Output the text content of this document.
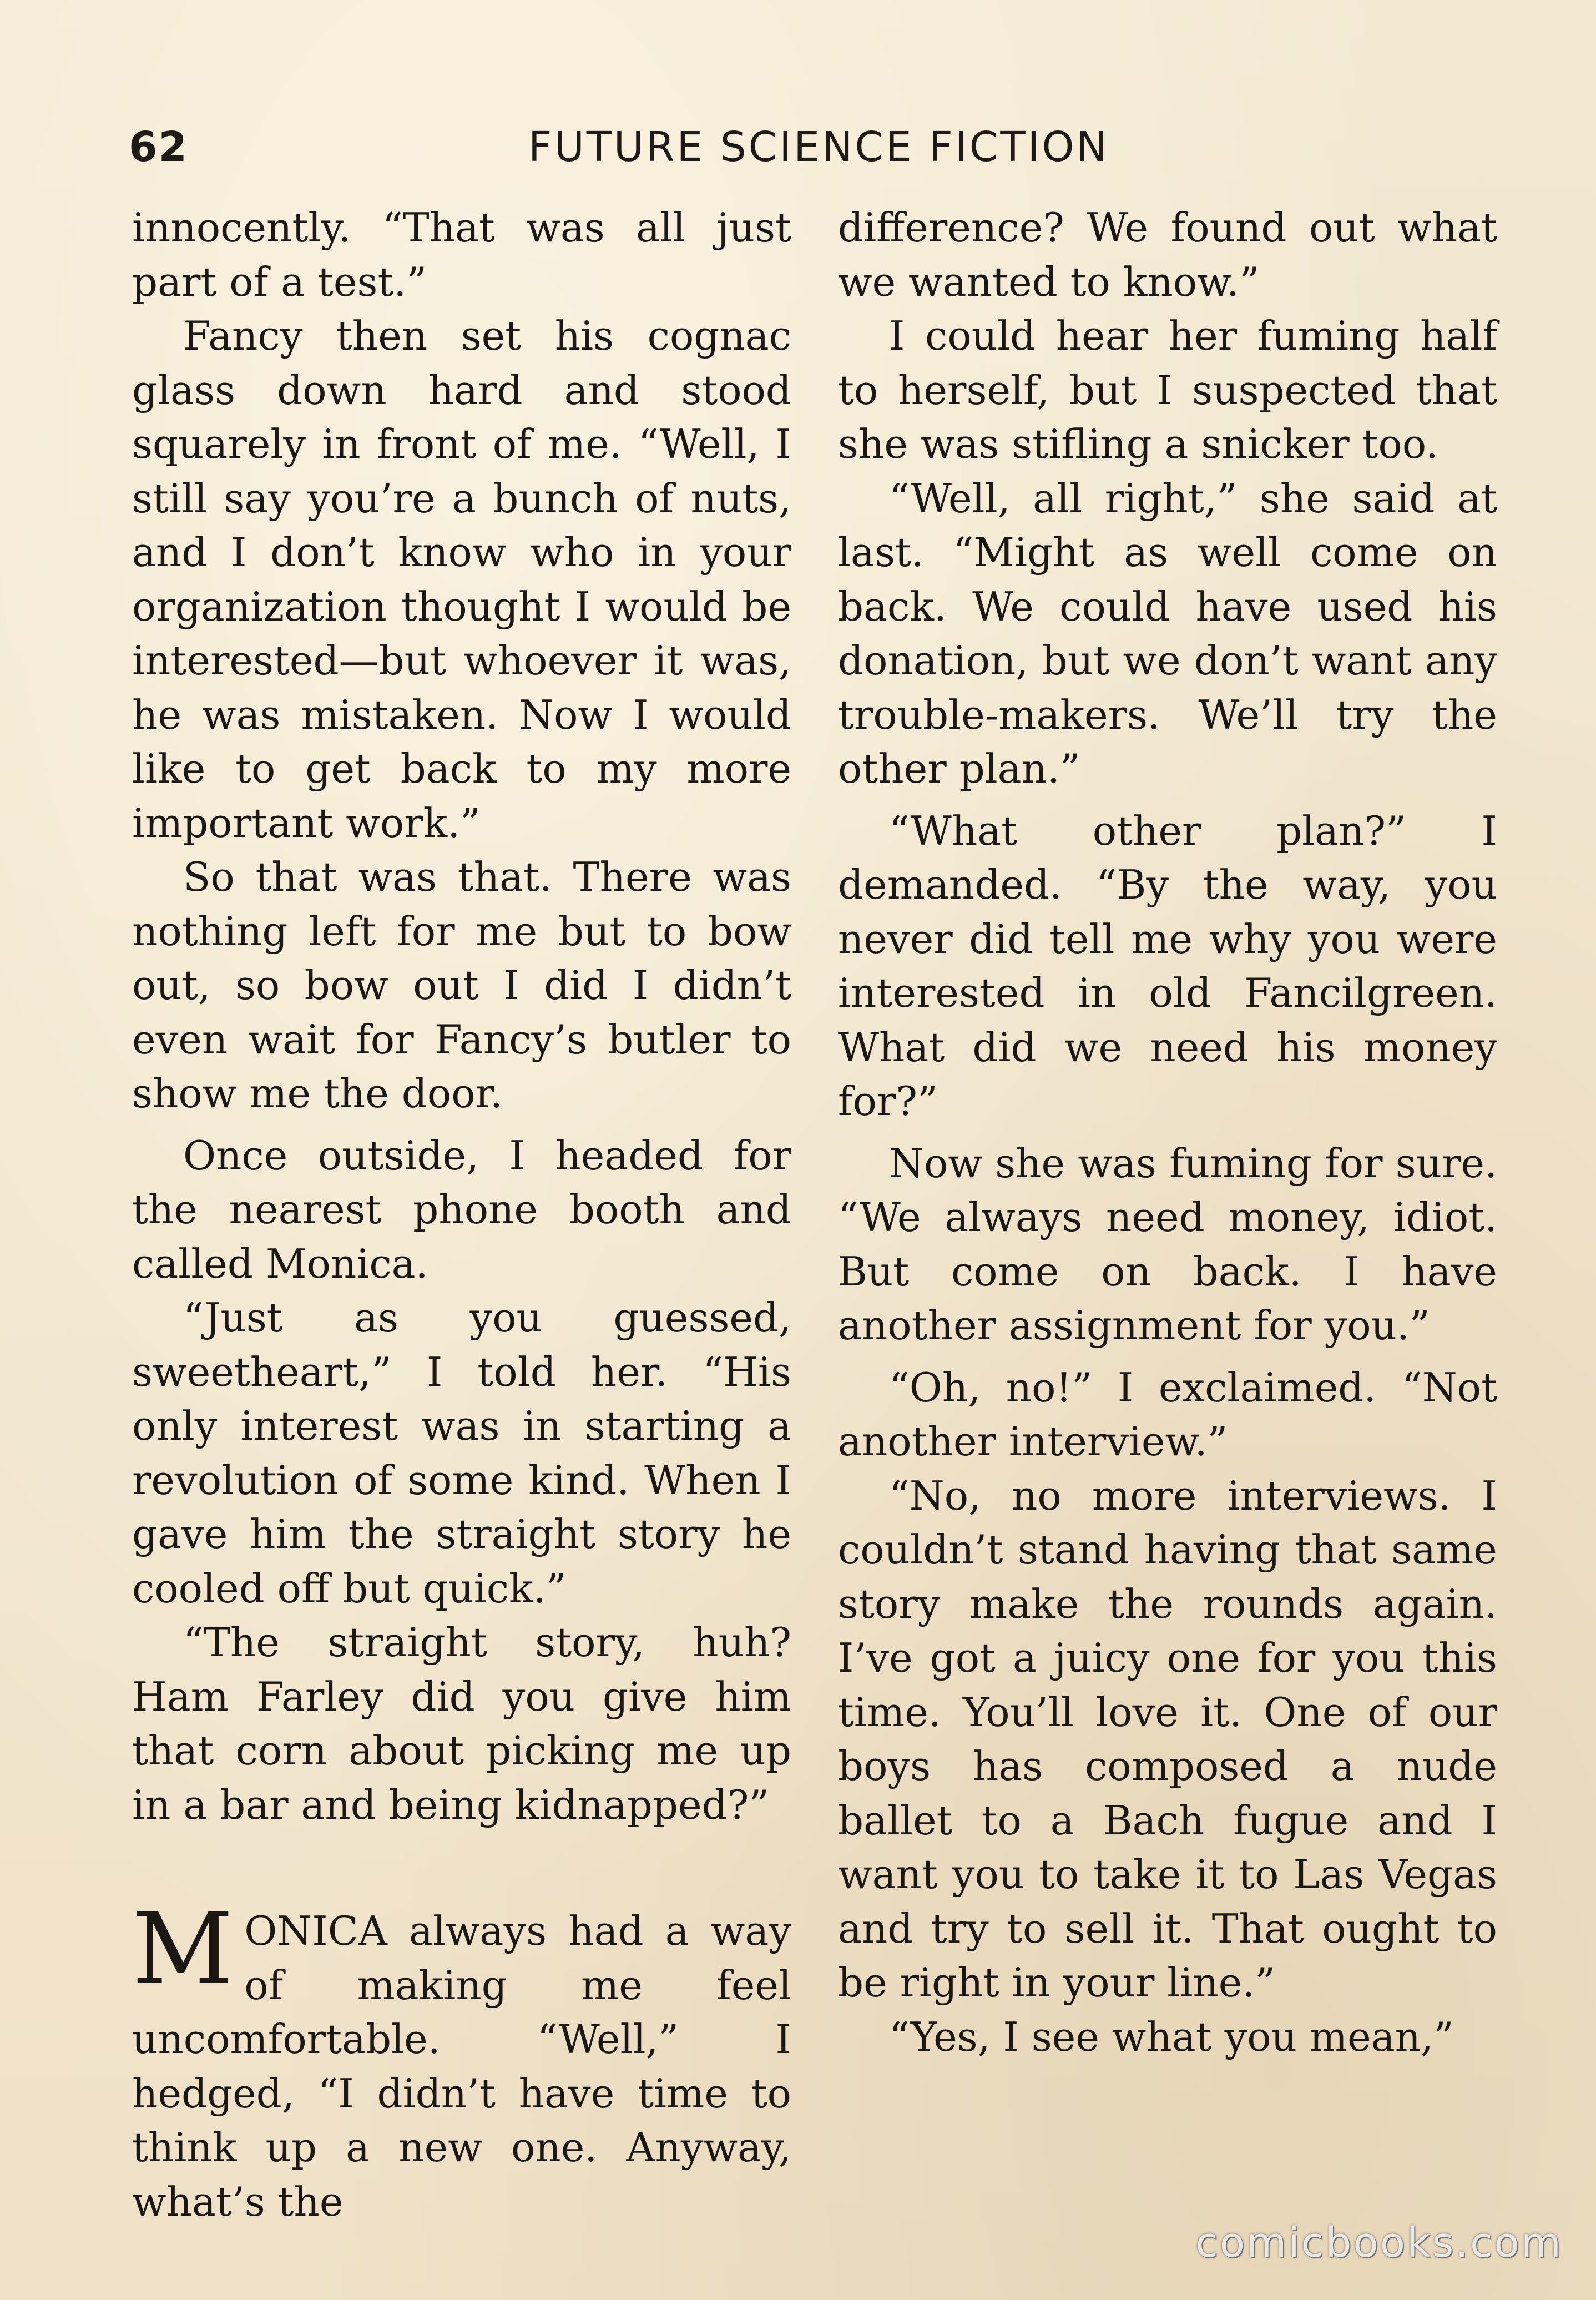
62	FUTURE SCIENCE FICTION

innocently. “That was all just part of a test.”

Fancy then set his cognac glass down hard and stood squarely in front of me. “Well, I still say you’re a bunch of nuts, and I don’t know who in your organization thought I would be interested—but whoever it was, he was mistaken. Now I would like to get back to my more important work.”

So that was that. There was nothing left for me but to bow out, so bow out I did I didn’t even wait for Fancy’s butler to show me the door.

Once outside, I headed for the nearest phone booth and called Monica.

“Just as you guessed, sweetheart,” I told her. “His only interest was in starting a revolution of some kind. When I gave him the straight story he cooled off but quick.”

“The straight story, huh? Ham Farley did you give him that corn about picking me up in a bar and being kidnapped?”

M ONICA always had a way of making me feel uncomfortable. “Well,” I hedged, “I didn’t have time to think up a new one. Anyway, what’s the

difference? We found out what we wanted to know.”

I could hear her fuming half to herself, but I suspected that she was stifling a snicker too.

“Well, all right,” she said at last. “Might as well come on back. We could have used his donation, but we don’t want any trouble-makers. We’ll try the other plan.”

“What other plan?” I demanded. “By the way, you never did tell me why you were interested in old Fancilgreen. What did we need his money for?”

Now she was fuming for sure. “We always need money, idiot. But come on back. I have another assignment for you.”

“Oh, no!” I exclaimed. “Not another interview.”

“No, no more interviews. I couldn’t stand having that same story make the rounds again. I’ve got a juicy one for you this time. You’ll love it. One of our boys has composed a nude ballet to a Bach fugue and I want you to take it to Las Vegas and try to sell it. That ought to be right in your line.”

“Yes, I see what you mean,”

comicbooks.com
